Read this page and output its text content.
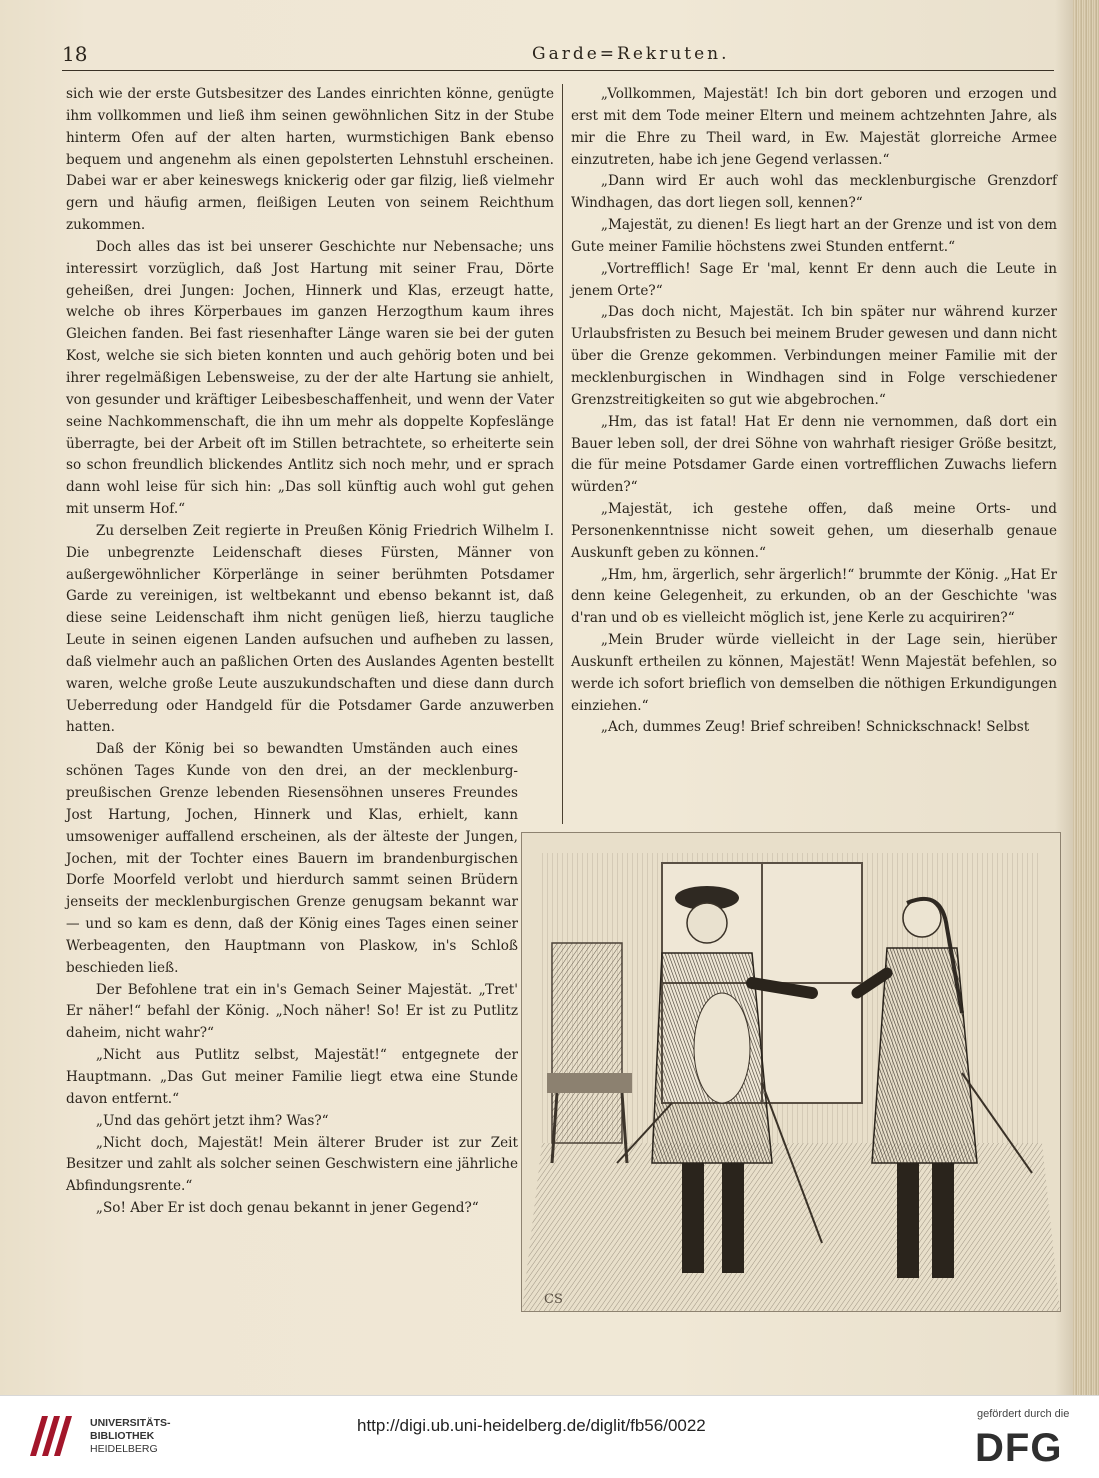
18	Garde=Rekruten.

sich wie der erste Gutsbesitzer des Landes einrichten könne, genügte ihm vollkommen und ließ ihm seinen gewöhnlichen Sitz in der Stube hinterm Ofen auf der alten harten, wurmstichigen Bank ebenso bequem und angenehm als einen gepolsterten Lehnstuhl erscheinen. Dabei war er aber keineswegs knickerig oder gar filzig, ließ vielmehr gern und häufig armen, fleißigen Leuten von seinem Reichthum zukommen.

Doch alles das ist bei unserer Geschichte nur Nebensache; uns interessirt vorzüglich, daß Jost Hartung mit seiner Frau, Dörte geheißen, drei Jungen: Jochen, Hinnerk und Klas, erzeugt hatte, welche ob ihres Körperbaues im ganzen Herzogthum kaum ihres Gleichen fanden. Bei fast riesenhafter Länge waren sie bei der guten Kost, welche sie sich bieten konnten und auch gehörig boten und bei ihrer regelmäßigen Lebensweise, zu der der alte Hartung sie anhielt, von gesunder und kräftiger Leibesbeschaffenheit, und wenn der Vater seine Nachkommenschaft, die ihn um mehr als doppelte Kopfeslänge überragte, bei der Arbeit oft im Stillen betrachtete, so erheiterte sein so schon freundlich blickendes Antlitz sich noch mehr, und er sprach dann wohl leise für sich hin: „Das soll künftig auch wohl gut gehen mit unserm Hof.“

Zu derselben Zeit regierte in Preußen König Friedrich Wilhelm I. Die unbegrenzte Leidenschaft dieses Fürsten, Männer von außergewöhnlicher Körperlänge in seiner berühmten Potsdamer Garde zu vereinigen, ist weltbekannt und ebenso bekannt ist, daß diese seine Leidenschaft ihm nicht genügen ließ, hierzu taugliche Leute in seinen eigenen Landen aufsuchen und aufheben zu lassen, daß vielmehr auch an paßlichen Orten des Auslandes Agenten bestellt waren, welche große Leute auszukundschaften und diese dann durch Ueberredung oder Handgeld für die Potsdamer Garde anzuwerben hatten.

Daß der König bei so bewandten Umständen auch eines schönen Tages Kunde von den drei, an der mecklenburg-preußischen Grenze lebenden Riesensöhnen unseres Freundes Jost Hartung, Jochen, Hinnerk und Klas, erhielt, kann umsoweniger auffallend erscheinen, als der älteste der Jungen, Jochen, mit der Tochter eines Bauern im brandenburgischen Dorfe Moorfeld verlobt und hierdurch sammt seinen Brüdern jenseits der mecklenburgischen Grenze genugsam bekannt war — und so kam es denn, daß der König eines Tages einen seiner Werbeagenten, den Hauptmann von Plaskow, in's Schloß beschieden ließ.

Der Befohlene trat ein in's Gemach Seiner Majestät. „Tret' Er näher!“ befahl der König. „Noch näher! So! Er ist zu Putlitz daheim, nicht wahr?“

„Nicht aus Putlitz selbst, Majestät!“ entgegnete der Hauptmann. „Das Gut meiner Familie liegt etwa eine Stunde davon entfernt.“

„Und das gehört jetzt ihm? Was?“

„Nicht doch, Majestät! Mein älterer Bruder ist zur Zeit Besitzer und zahlt als solcher seinen Geschwistern eine jährliche Abfindungsrente.“

„So! Aber Er ist doch genau bekannt in jener Gegend?“

„Vollkommen, Majestät! Ich bin dort geboren und erzogen und erst mit dem Tode meiner Eltern und meinem achtzehnten Jahre, als mir die Ehre zu Theil ward, in Ew. Majestät glorreiche Armee einzutreten, habe ich jene Gegend verlassen.“

„Dann wird Er auch wohl das mecklenburgische Grenzdorf Windhagen, das dort liegen soll, kennen?“

„Majestät, zu dienen! Es liegt hart an der Grenze und ist von dem Gute meiner Familie höchstens zwei Stunden entfernt.“

„Vortrefflich! Sage Er 'mal, kennt Er denn auch die Leute in jenem Orte?“

„Das doch nicht, Majestät. Ich bin später nur während kurzer Urlaubsfristen zu Besuch bei meinem Bruder gewesen und dann nicht über die Grenze gekommen. Verbindungen meiner Familie mit der mecklenburgischen in Windhagen sind in Folge verschiedener Grenzstreitigkeiten so gut wie abgebrochen.“

„Hm, das ist fatal! Hat Er denn nie vernommen, daß dort ein Bauer leben soll, der drei Söhne von wahrhaft riesiger Größe besitzt, die für meine Potsdamer Garde einen vortrefflichen Zuwachs liefern würden?“

„Majestät, ich gestehe offen, daß meine Orts- und Personenkenntnisse nicht soweit gehen, um dieserhalb genaue Auskunft geben zu können.“

„Hm, hm, ärgerlich, sehr ärgerlich!“ brummte der König. „Hat Er denn keine Gelegenheit, zu erkunden, ob an der Geschichte 'was d'ran und ob es vielleicht möglich ist, jene Kerle zu acquiriren?“

„Mein Bruder würde vielleicht in der Lage sein, hierüber Auskunft ertheilen zu können, Majestät! Wenn Majestät befehlen, so werde ich sofort brieflich von demselben die nöthigen Erkundigungen einziehen.“

„Ach, dummes Zeug! Brief schreiben! Schnickschnack! Selbst

CS
UNIVERSITÄTS-
BIBLIOTHEK
HEIDELBERG
http://digi.ub.uni-heidelberg.de/diglit/fb56/0022
gefördert durch die
DFG
